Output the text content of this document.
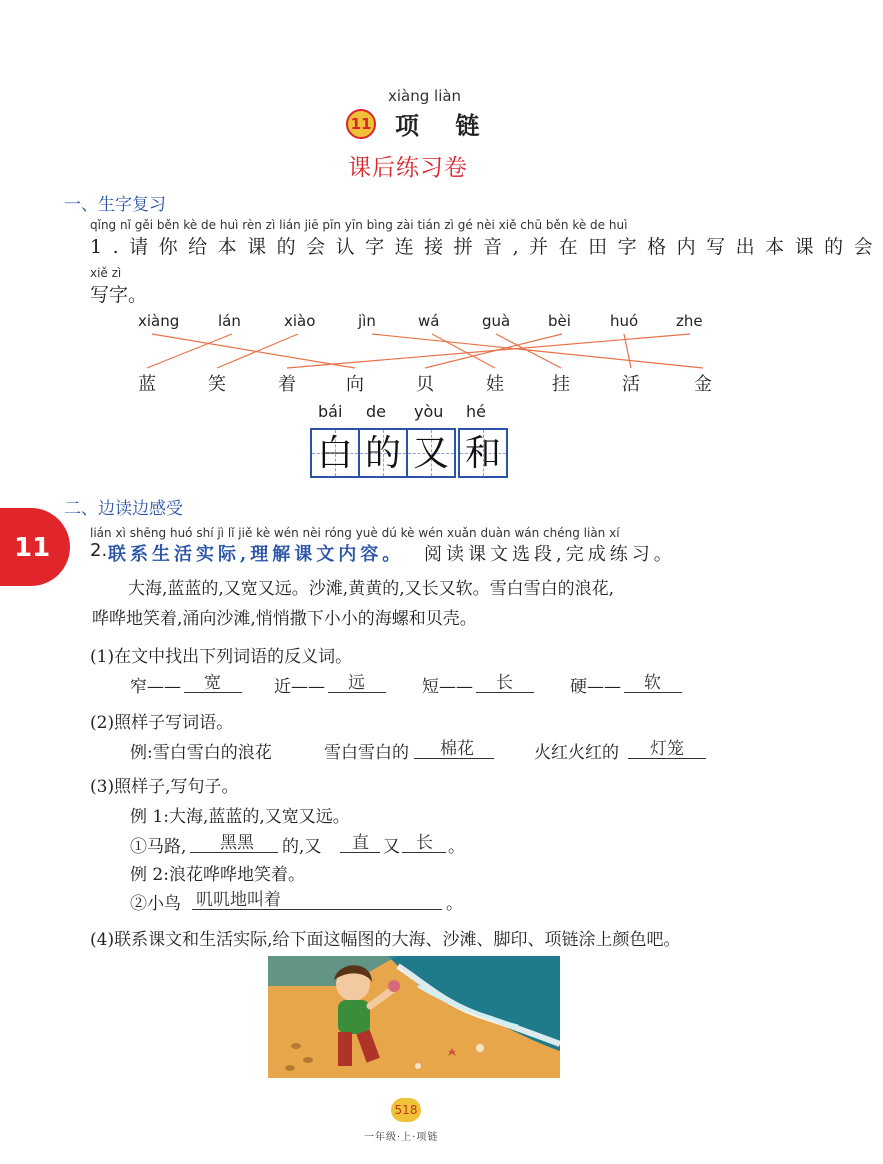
xiàng liàn
11 项 链
课后练习卷
一、生字复习
qǐng nǐ gěi běn kè de huì rèn zì lián jiē pīn yīn bìng zài tián zì gé nèi xiě chū běn kè de huì
1.请你给本课的会认字连接拼音,并在田字格内写出本课的会
xiě zì
写字。
xiàng	lán	xiào	jìn	wá	guà	bèi	huó	zhe
蓝	笑	着	向	贝	娃	挂	活	金
bái de yòu hé
白 的 又 和
二、边读边感受
11	lián xì shēng huó shí jì lǐ jiě kè wén nèi róng yuè dú kè wén xuǎn duàn wán chéng liàn xí
2. 联系生活实际,理解课文内容。 阅读课文选段,完成练习。
大海,蓝蓝的,又宽又远。沙滩,黄黄的,又长又软。雪白雪白的浪花,
哗哗地笑着,涌向沙滩,悄悄撒下小小的海螺和贝壳。
(1)在文中找出下列词语的反义词。
窄—— 宽	近—— 远	短—— 长	硬—— 软
(2)照样子写词语。
例:雪白雪白的浪花	雪白雪白的 棉花	火红火红的 灯笼
(3)照样子,写句子。
例 1:大海,蓝蓝的,又宽又远。
①马路, 黑黑 的,又 直 又 长 。
例 2:浪花哗哗地笑着。
②小鸟 叽叽地叫着	。
(4)联系课文和生活实际,给下面这幅图的大海、沙滩、脚印、项链涂上颜色吧。
518
一年级·上·项链
